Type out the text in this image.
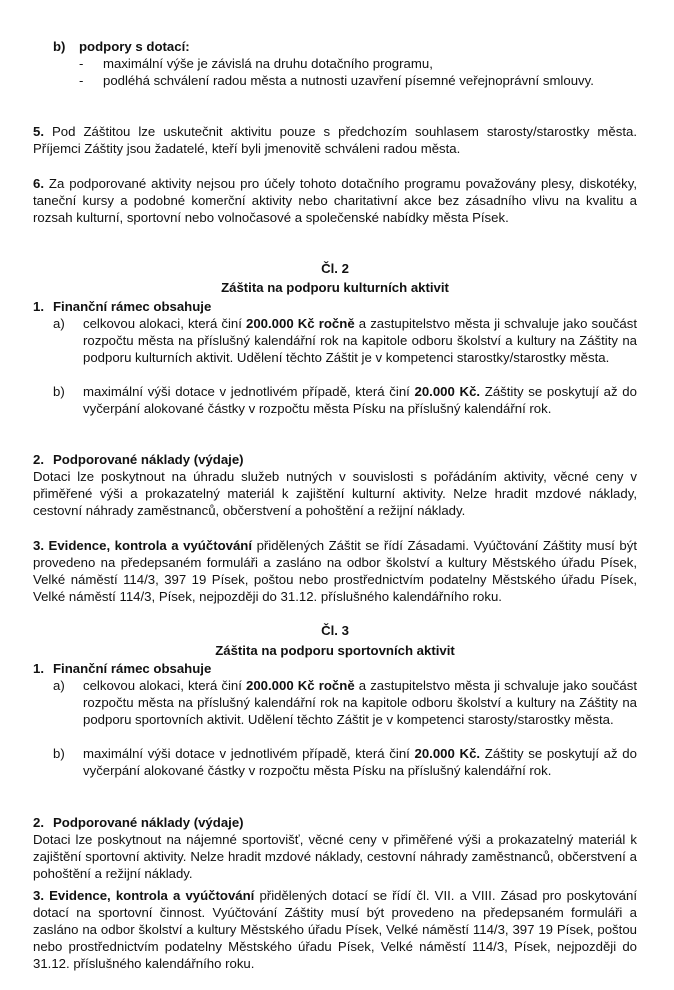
b) podpory s dotací:
- maximální výše je závislá na druhu dotačního programu,
- podléhá schválení radou města a nutnosti uzavření písemné veřejnoprávní smlouvy.
5. Pod Záštitou lze uskutečnit aktivitu pouze s předchozím souhlasem starosty/starostky města. Příjemci Záštity jsou žadatelé, kteří byli jmenovitě schváleni radou města.
6. Za podporované aktivity nejsou pro účely tohoto dotačního programu považovány plesy, diskotéky, taneční kursy a podobné komerční aktivity nebo charitativní akce bez zásadního vlivu na kvalitu a rozsah kulturní, sportovní nebo volnočasové a společenské nabídky města Písek.
Čl. 2
Záštita na podporu kulturních aktivit
1. Finanční rámec obsahuje
a) celkovou alokaci, která činí 200.000 Kč ročně a zastupitelstvo města ji schvaluje jako součást rozpočtu města na příslušný kalendářní rok na kapitole odboru školství a kultury na Záštity na podporu kulturních aktivit. Udělení těchto Záštit je v kompetenci starostky/starostky města.
b) maximální výši dotace v jednotlivém případě, která činí 20.000 Kč. Záštity se poskytují až do vyčerpání alokované částky v rozpočtu města Písku na příslušný kalendářní rok.
2. Podporované náklady (výdaje)
Dotaci lze poskytnout na úhradu služeb nutných v souvislosti s pořádáním aktivity, věcné ceny v přiměřené výši a prokazatelný materiál k zajištění kulturní aktivity. Nelze hradit mzdové náklady, cestovní náhrady zaměstnanců, občerstvení a pohoštění a režijní náklady.
3. Evidence, kontrola a vyúčtování přidělených Záštit se řídí Zásadami. Vyúčtování Záštity musí být provedeno na předepsaném formuláři a zasláno na odbor školství a kultury Městského úřadu Písek, Velké náměstí 114/3, 397 19 Písek, poštou nebo prostřednictvím podatelny Městského úřadu Písek, Velké náměstí 114/3, Písek, nejpozději do 31.12. příslušného kalendářního roku.
Čl. 3
Záštita na podporu sportovních aktivit
1. Finanční rámec obsahuje
a) celkovou alokaci, která činí 200.000 Kč ročně a zastupitelstvo města ji schvaluje jako součást rozpočtu města na příslušný kalendářní rok na kapitole odboru školství a kultury na Záštity na podporu sportovních aktivit. Udělení těchto Záštit je v kompetenci starosty/starostky města.
b) maximální výši dotace v jednotlivém případě, která činí 20.000 Kč. Záštity se poskytují až do vyčerpání alokované částky v rozpočtu města Písku na příslušný kalendářní rok.
2. Podporované náklady (výdaje)
Dotaci lze poskytnout na nájemné sportovišť, věcné ceny v přiměřené výši a prokazatelný materiál k zajištění sportovní aktivity. Nelze hradit mzdové náklady, cestovní náhrady zaměstnanců, občerstvení a pohoštění a režijní náklady.
3. Evidence, kontrola a vyúčtování přidělených dotací se řídí čl. VII. a VIII. Zásad pro poskytování dotací na sportovní činnost. Vyúčtování Záštity musí být provedeno na předepsaném formuláři a zasláno na odbor školství a kultury Městského úřadu Písek, Velké náměstí 114/3, 397 19 Písek, poštou nebo prostřednictvím podatelny Městského úřadu Písek, Velké náměstí 114/3, Písek, nejpozději do 31.12. příslušného kalendářního roku.
